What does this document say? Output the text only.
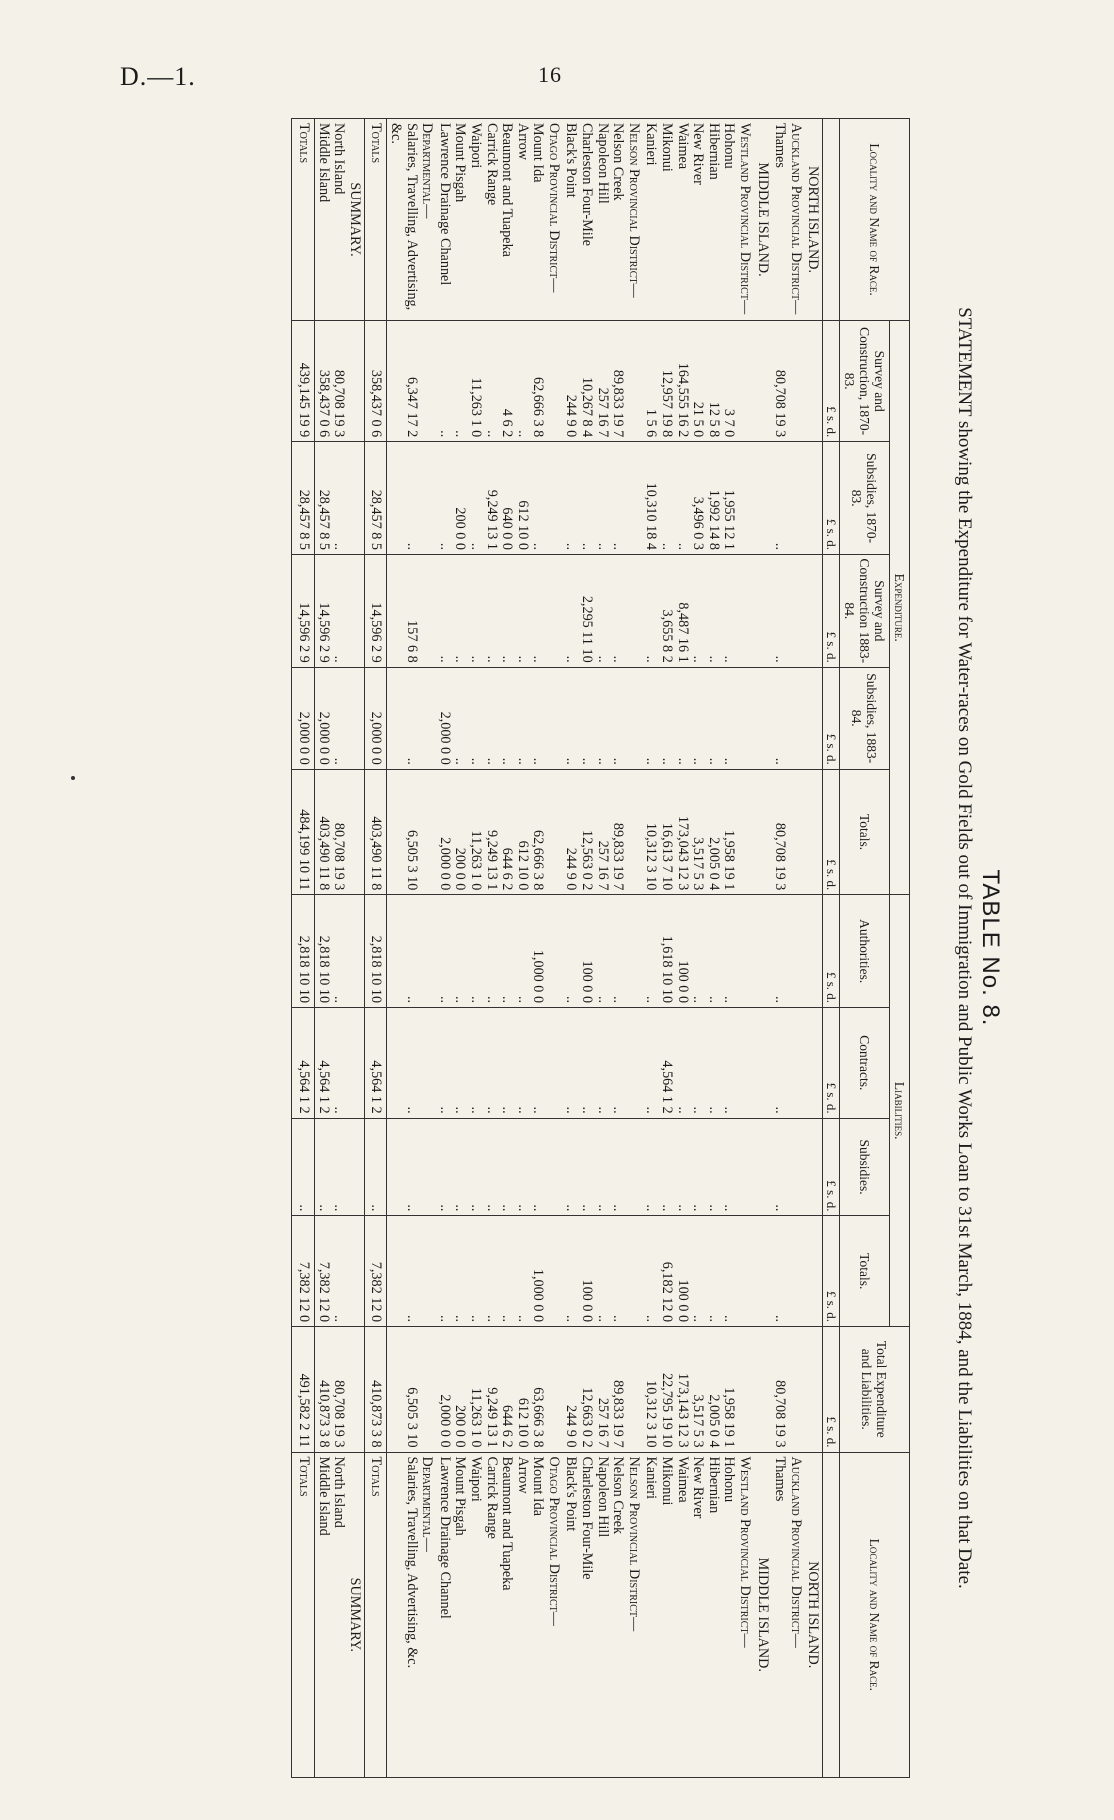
D.—1.	16
TABLE No. 8.
STATEMENT showing the Expenditure for Water-races on Gold Fields out of Immigration and Public Works Loan to 31st March, 1884, and the Liabilities on that Date.
Locality and Name of Race.	Expenditure.					Liabilities.				Total Expenditure and Liabilities.	Locality and Name of Race.
	Survey and Construction, 1870-83.	Subsidies, 1870-83.	Survey and Construction 1883-84.	Subsidies, 1883-84.	Totals.	Authorities.	Contracts.	Subsidies.	Totals.		
	£ s. d.	£ s. d.	£ s. d.	£ s. d.	£ s. d.	£ s. d.	£ s. d.	£ s. d.	£ s. d.	£ s. d.	
NORTH ISLAND.											NORTH ISLAND.
Auckland Provincial District—											Auckland Provincial District—
Thames	80,708 19 3	..	..	..	80,708 19 3	..	..	..	..	80,708 19 3	Thames
MIDDLE ISLAND.											MIDDLE ISLAND.
Westland Provincial District—											Westland Provincial District—
Hohonu	3 7 0	1,955 12 1	..	..	1,958 19 1	..	..	..	..	1,958 19 1	Hohonu
Hibernian	12 5 8	1,992 14 8	..	..	2,005 0 4	..	..	..	..	2,005 0 4	Hibernian
New River	21 5 0	3,496 0 3	..	..	3,517 5 3	..	..	..	..	3,517 5 3	New River
Waimea	164,555 16 2	..	8,487 16 1	..	173,043 12 3	100 0 0	..	..	100 0 0	173,143 12 3	Waimea
Mikonui	12,957 19 8	..	3,655 8 2	..	16,613 7 10	1,618 10 10	4,564 1 2	..	6,182 12 0	22,795 19 10	Mikonui
Kanieri	1 5 6	10,310 18 4	..	..	10,312 3 10	..	..	..	..	10,312 3 10	Kanieri
Nelson Provincial District—											Nelson Provincial District—
Nelson Creek	89,833 19 7	..	..	..	89,833 19 7	..	..	..	..	89,833 19 7	Nelson Creek
Napoleon Hill	257 16 7	..	..	..	257 16 7	..	..	..	..	257 16 7	Napoleon Hill
Charleston Four-Mile	10,267 8 4	..	2,295 11 10	..	12,563 0 2	100 0 0	..	..	100 0 0	12,663 0 2	Charleston Four-Mile
Black's Point	244 9 0	..	..	..	244 9 0	..	..	..	..	244 9 0	Black's Point
Otago Provincial District—											Otago Provincial District—
Mount Ida	62,666 3 8	..	..	..	62,666 3 8	1,000 0 0	..	..	1,000 0 0	63,666 3 8	Mount Ida
Arrow	..	612 10 0	..	..	612 10 0	..	..	..	..	612 10 0	Arrow
Beaumont and Tuapeka	4 6 2	640 0 0	..	..	644 6 2	..	..	..	..	644 6 2	Beaumont and Tuapeka
Carrick Range	..	9,249 13 1	..	..	9,249 13 1	..	..	..	..	9,249 13 1	Carrick Range
Waipori	11,263 1 0	..	..	..	11,263 1 0	..	..	..	..	11,263 1 0	Waipori
Mount Pisgah	..	200 0 0	..	..	200 0 0	..	..	..	..	200 0 0	Mount Pisgah
Lawrence Drainage Channel	..	..	..	2,000 0 0	2,000 0 0	..	..	..	..	2,000 0 0	Lawrence Drainage Channel
Departmental—											Departmental—
Salaries, Travelling, Advertising, &c.	6,347 17 2	..	157 6 8	..	6,505 3 10	..	..	..	..	6,505 3 10	Salaries, Travelling, Advertising, &c.
Totals	358,437 0 6	28,457 8 5	14,596 2 9	2,000 0 0	403,490 11 8	2,818 10 10	4,564 1 2	..	7,382 12 0	410,873 3 8	Totals
SUMMARY.											SUMMARY.
North Island	80,708 19 3	..	..	..	80,708 19 3	..	..	..	..	80,708 19 3	North Island
Middle Island	358,437 0 6	28,457 8 5	14,596 2 9	2,000 0 0	403,490 11 8	2,818 10 10	4,564 1 2	..	7,382 12 0	410,873 3 8	Middle Island
Totals	439,145 19 9	28,457 8 5	14,596 2 9	2,000 0 0	484,199 10 11	2,818 10 10	4,564 1 2	..	7,382 12 0	491,582 2 11	Totals
